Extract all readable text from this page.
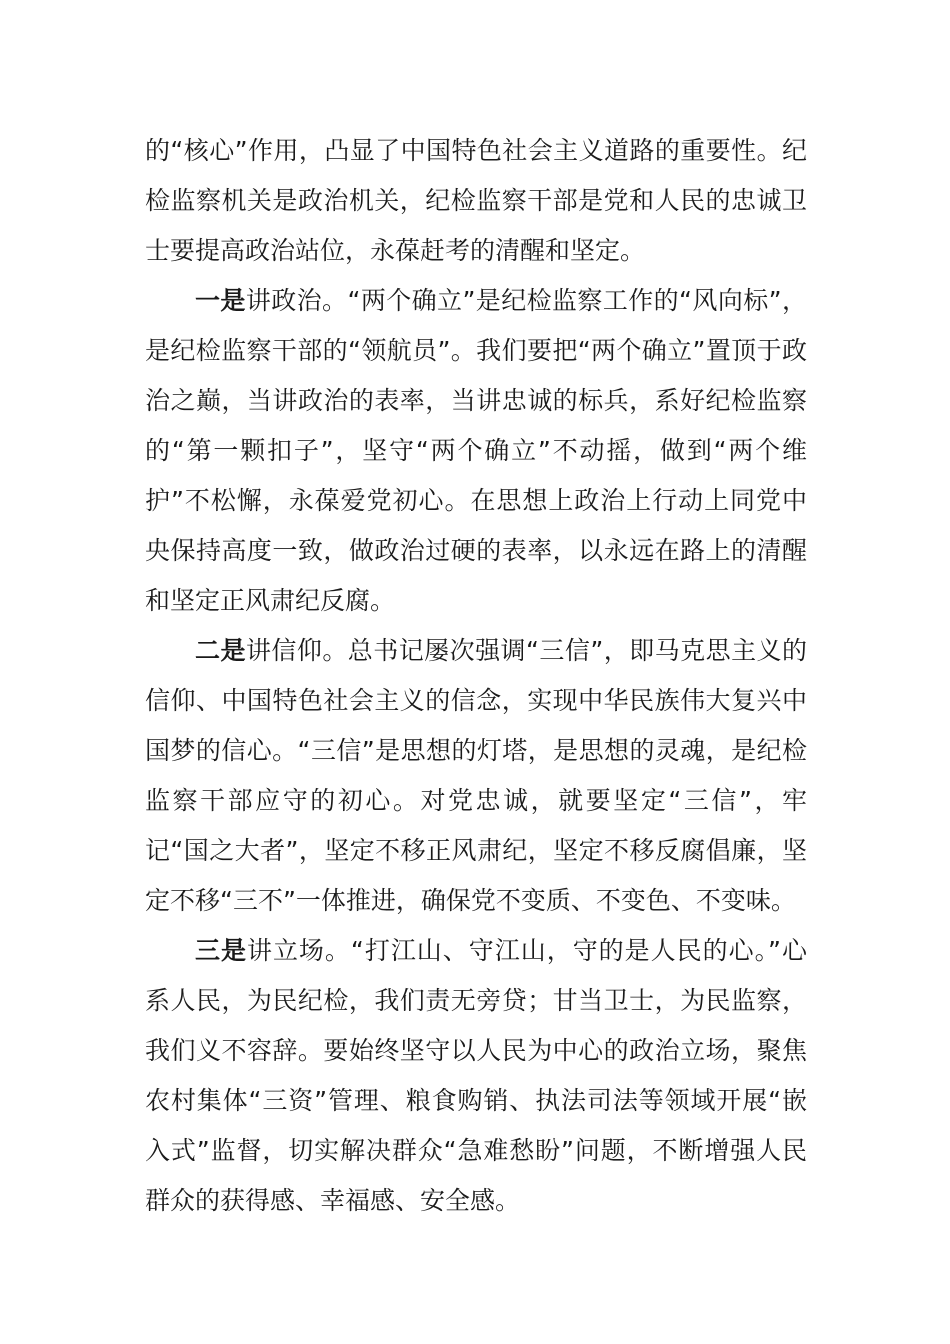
的“核心”作用，凸显了中国特色社会主义道路的重要性。纪检监察机关是政治机关，纪检监察干部是党和人民的忠诚卫士要提高政治站位，永葆赶考的清醒和坚定。

一是讲政治。“两个确立”是纪检监察工作的“风向标”，是纪检监察干部的“领航员”。我们要把“两个确立”置顶于政治之巅，当讲政治的表率，当讲忠诚的标兵，系好纪检监察的“第一颗扣子”，坚守“两个确立”不动摇，做到“两个维护”不松懈，永葆爱党初心。在思想上政治上行动上同党中央保持高度一致，做政治过硬的表率，以永远在路上的清醒和坚定正风肃纪反腐。

二是讲信仰。总书记屡次强调“三信”，即马克思主义的信仰、中国特色社会主义的信念，实现中华民族伟大复兴中国梦的信心。“三信”是思想的灯塔，是思想的灵魂，是纪检监察干部应守的初心。对党忠诚，就要坚定“三信”，牢记“国之大者”，坚定不移正风肃纪，坚定不移反腐倡廉，坚定不移“三不”一体推进，确保党不变质、不变色、不变味。

三是讲立场。“打江山、守江山，守的是人民的心。”心系人民，为民纪检，我们责无旁贷；甘当卫士，为民监察，我们义不容辞。要始终坚守以人民为中心的政治立场，聚焦农村集体“三资”管理、粮食购销、执法司法等领域开展“嵌入式”监督，切实解决群众“急难愁盼”问题，不断增强人民群众的获得感、幸福感、安全感。
